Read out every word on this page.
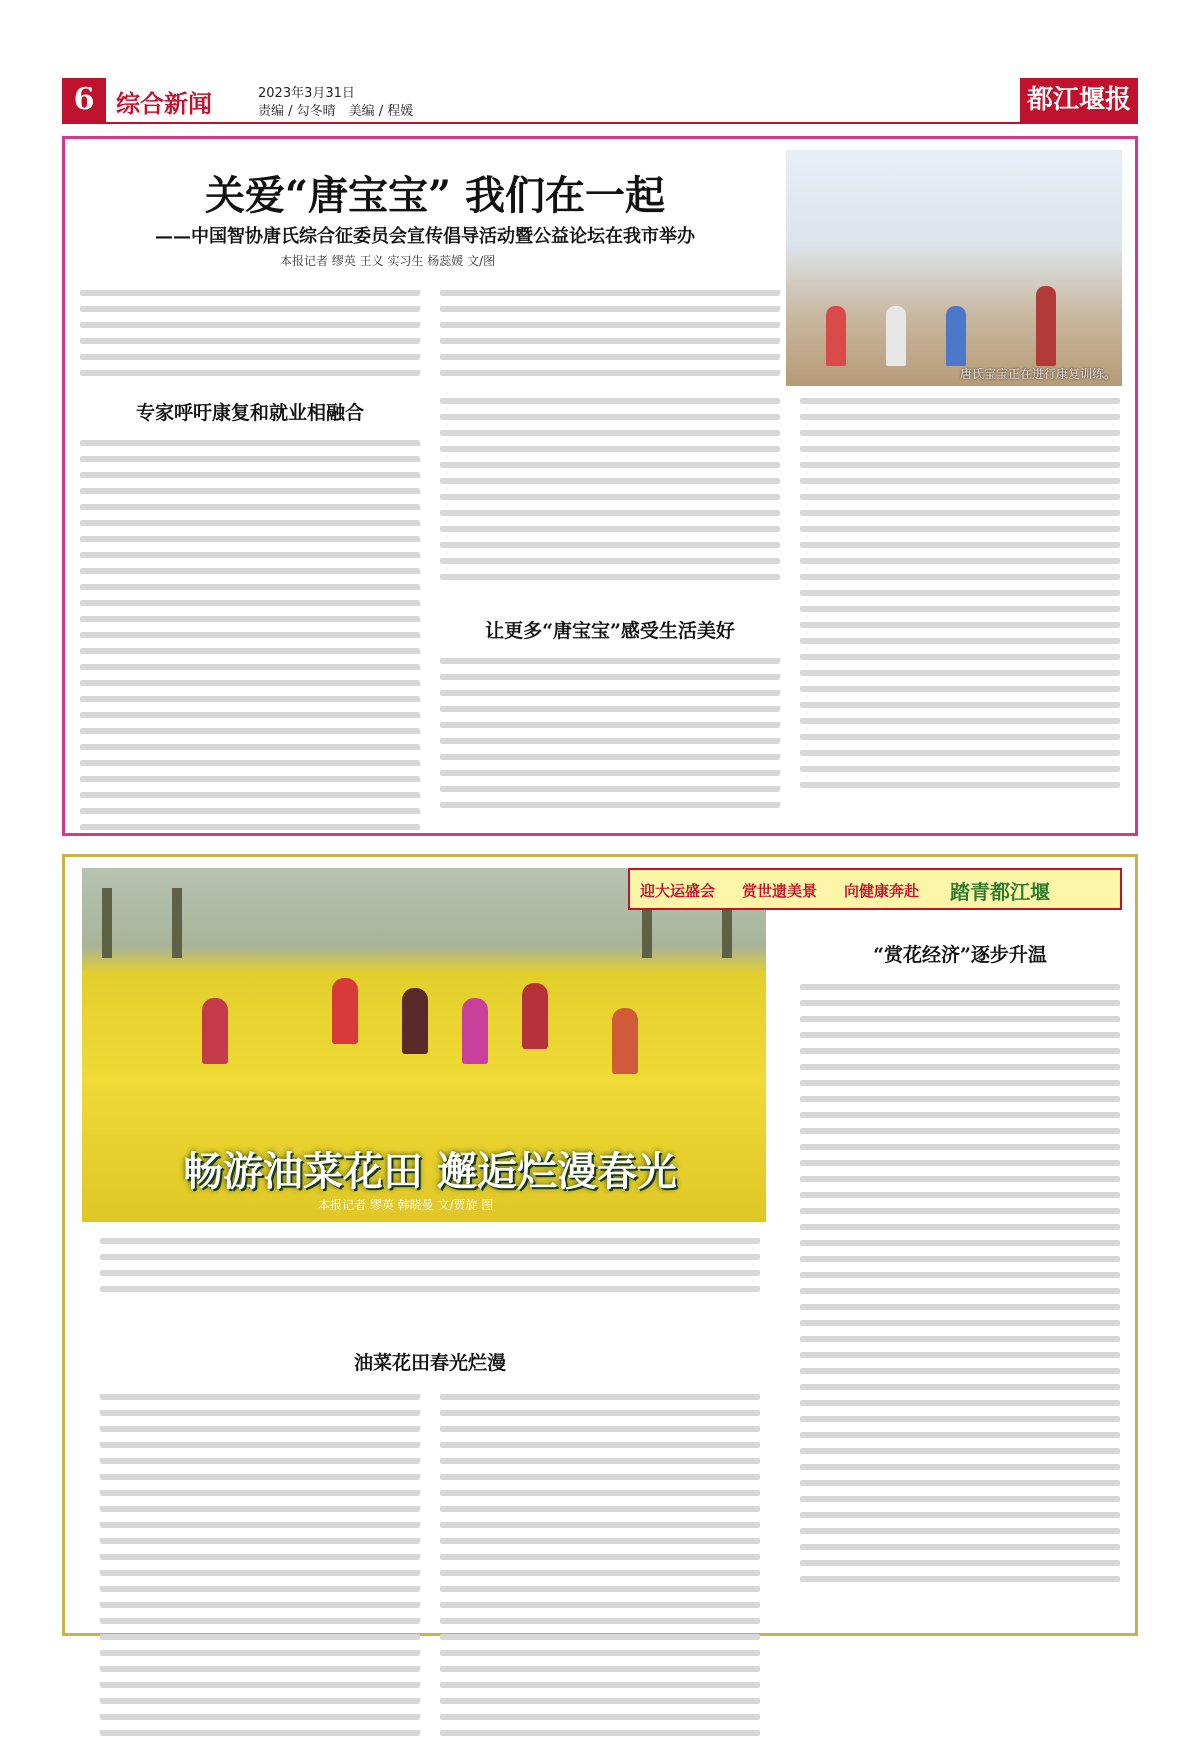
6 综合新闻	2023年3月31日
责编 / 勾冬晴　美编 / 程媛	都江堰报
唐氏宝宝正在进行康复训练。
关爱“唐宝宝” 我们在一起
——中国智协唐氏综合征委员会宣传倡导活动暨公益论坛在我市举办
本报记者 缪英 王义 实习生 杨蕊媛 文/图
专家呼吁康复和就业相融合
让更多“唐宝宝”感受生活美好
迎大运盛会 赏世遗美景 向健康奔赴 踏青都江堰
畅游油菜花田 邂逅烂漫春光
本报记者 缪英 韩晓曼 文/贾旋 图
“赏花经济”逐步升温
油菜花田春光烂漫
